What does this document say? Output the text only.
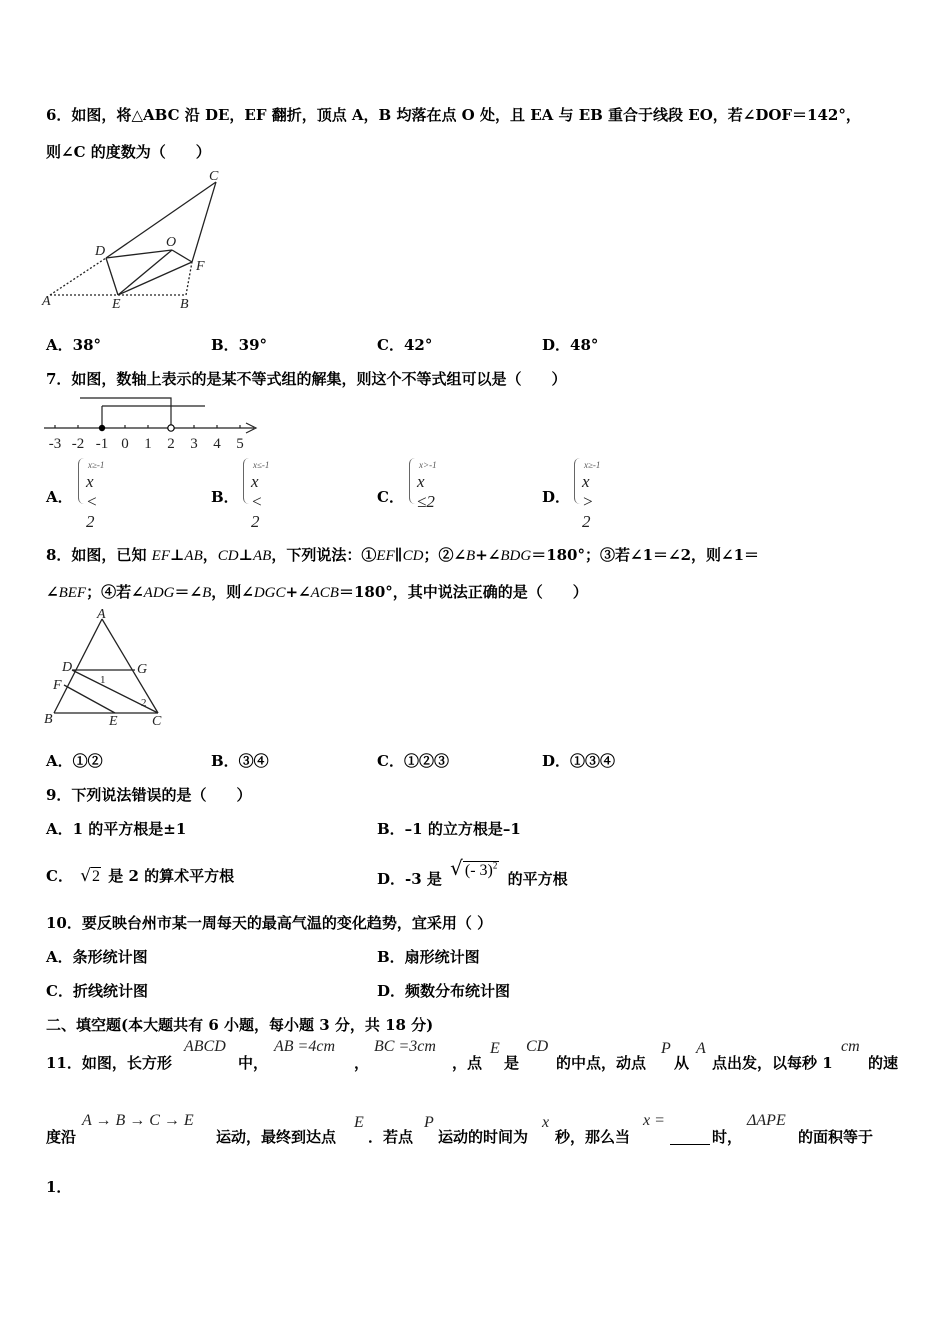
6．如图，将△ABC 沿 DE，EF 翻折，顶点 A，B 均落在点 O 处，且 EA 与 EB 重合于线段 EO，若∠DOF＝142°，
则∠C 的度数为（　　）
A	B
C
D
E
F
O
A．38°	B．39°	C．42°	D．48°
7．如图，数轴上表示的是某不等式组的解集，则这个不等式组可以是（　　）
-3 -2 -1 0 1 2 3 4 5
A．
x≥-1
x < 2
B．
x≤-1
x < 2
C．
x>-1
x ≤2	D．
x≥-1
x > 2
8．如图，已知 EF⊥AB，CD⊥AB，下列说法：①EF∥CD；②∠B+∠BDG＝180°；③若∠1＝∠2，则∠1＝
∠BEF；④若∠ADG＝∠B，则∠DGC+∠ACB＝180°，其中说法正确的是（　　）
A
B	C
D
E
F
G
1
2
A．①②	B．③④	C．①②③	D．①③④
9．下列说法错误的是（　　）
A．1 的平方根是±1	B．–1 的立方根是–1
C． √2 是 2 的算术平方根	D．-3 是 √ (- 3)$^2$ 的平方根
10．要反映台州市某一周每天的最高气温的变化趋势，宜采用（ ）
A．条形统计图	B．扇形统计图
C．折线统计图	D．频数分布统计图
二、填空题(本大题共有 6 小题，每小题 3 分，共 18 分)
11．如图，长方形
ABCD
中，
AB =4cm
，
BC =3cm
，点
E
是
CD
的中点，动点
P
从
A
点出发，以每秒 1
cm
的速
度沿
A → B → C → E
运动，最终到达点
E
．若点
P
运动的时间为
x
秒，那么当
x =
时，
ΔAPE
的面积等于
1．
